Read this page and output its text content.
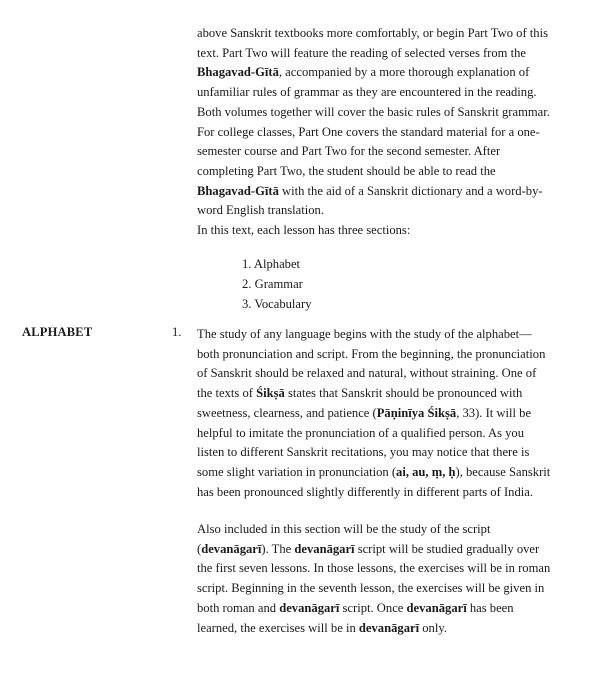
above Sanskrit textbooks more comfortably, or begin Part Two of this text. Part Two will feature the reading of selected verses from the Bhagavad-Gītā, accompanied by a more thorough explanation of unfamiliar rules of grammar as they are encountered in the reading. Both volumes together will cover the basic rules of Sanskrit grammar. For college classes, Part One covers the standard material for a one-semester course and Part Two for the second semester. After completing Part Two, the student should be able to read the Bhagavad-Gītā with the aid of a Sanskrit dictionary and a word-by-word English translation.

In this text, each lesson has three sections:

1. Alphabet
2. Grammar
3. Vocabulary
ALPHABET	1. The study of any language begins with the study of the alphabet—both pronunciation and script. From the beginning, the pronunciation of Sanskrit should be relaxed and natural, without straining. One of the texts of Śikṣā states that Sanskrit should be pronounced with sweetness, clearness, and patience (Pāṇinīya Śikṣā, 33). It will be helpful to imitate the pronunciation of a qualified person. As you listen to different Sanskrit recitations, you may notice that there is some slight variation in pronunciation (ai, au, ṃ, ḥ), because Sanskrit has been pronounced slightly differently in different parts of India.

Also included in this section will be the study of the script (devanāgarī). The devanāgarī script will be studied gradually over the first seven lessons. In those lessons, the exercises will be in roman script. Beginning in the seventh lesson, the exercises will be given in both roman and devanāgarī script. Once devanāgarī has been learned, the exercises will be in devanāgarī only.
